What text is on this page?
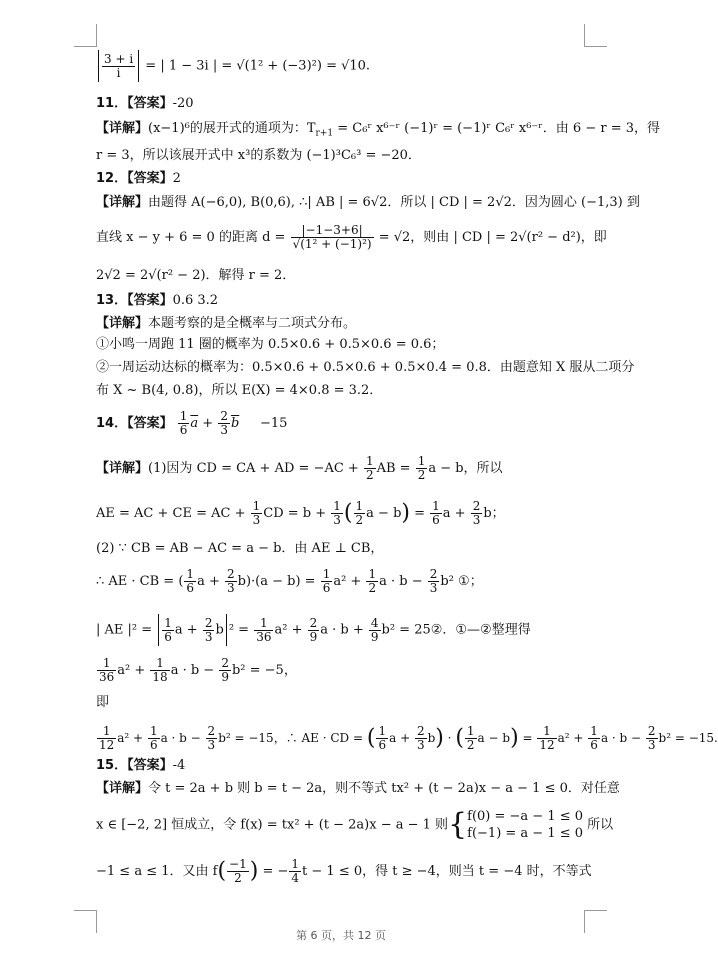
$\frac{3 + i}{i}$ = | 1 − 3i | = √(1² + (−3)²) = √10.
11．【答案】-20
【详解】(x−1)⁶的展开式的通项为：$T_{r+1}$ = C₆ʳ x⁶⁻ʳ (−1)ʳ = (−1)ʳ C₆ʳ x⁶⁻ʳ．由 6 − r = 3，得
r = 3，所以该展开式中 x³的系数为 (−1)³C₆³ = −20．
12．【答案】2
【详解】由题得 A(−6,0), B(0,6), ∴| AB | = 6√2．所以 | CD | = 2√2．因为圆心 (−1,3) 到
直线 x − y + 6 = 0 的距离 $d = \frac{|-1-3+6|}{\text{√(1² + (−1)²)}} = √2$，则由 | CD | = 2√(r² − d²)，即
2√2 = 2√(r² − 2)．解得 r = 2．
13．【答案】0.6 3.2
【详解】本题考察的是全概率与二项式分布。
①小鸣一周跑 11 圈的概率为 0.5×0.6 + 0.5×0.6 = 0.6；
②一周运动达标的概率为：0.5×0.6 + 0.5×0.6 + 0.5×0.4 = 0.8．由题意知 X 服从二项分
布 X ~ B(4, 0.8)，所以 E(X) = 4×0.8 = 3.2．
14．【答案】 $\frac{1}{6} \overline{a} + \frac{2}{3} \overline{b} -15$
【详解】(1)因为 CD = CA + AD = $-AC + \frac{1}{2}$ AB = $\frac{1}{2}$ a − b，所以
AE = AC + CE = AC + $\frac{1}{3}$ CD = $b + \frac{1}{3}$ ( $\frac{1}{2}$ $a - b) = \frac{1}{6}$ $a + \frac{2}{3}$ b；
(2) ∵ CB = AB − AC = a − b．由 AE ⊥ CB，
∴ AE · CB = ( $\frac{1}{6}$ $a + \frac{2}{3} b)\cdot(a - b) = \frac{1}{6} a^2 + \frac{1}{2}$ $a \cdot b - \frac{2}{3} b^2$ ①；
| AE $|^2 = \frac{1}{6}$ $a + \frac{2}{3}$ b $^2 = \frac{1}{36} a^2 + \frac{2}{9}$ $a \cdot b + \frac{4}{9} b^2$ = 25②．①—②整理得
$\frac{1}{36} a^2 + \frac{1}{18}$ $a \cdot b - \frac{2}{9} b^2 = -5$，
即
$\frac{1}{12} a^2 + \frac{1}{6}$ $a \cdot b - \frac{2}{3} b^2 = -15$，∴ AE · CD = ( $\frac{1}{6}$ $a + \frac{2}{3} b$) · ( $\frac{1}{2}$ $a - b) = \frac{1}{12} a^2 + \frac{1}{6}$ $a \cdot b - \frac{2}{3} b^2 = -15$.
15．【答案】-4
【详解】令 t = 2a + b 则 b = t − 2a，则不等式 tx² + (t − 2a)x − a − 1 ≤ 0．对任意
x ∈ [−2, 2] 恒成立，令 f(x) = tx² + (t − 2a)x − a − 1 则{f(0) = −a − 1 ≤ 0
f(−1) = a − 1 ≤ 0 所以
−1 ≤ a ≤ 1．又由 $f( \frac{-1}{2}$ ) = − $\frac{1}{4}$ t − 1 ≤ 0，得 t ≥ −4，则当 t = −4 时，不等式
第 6 页，共 12 页
